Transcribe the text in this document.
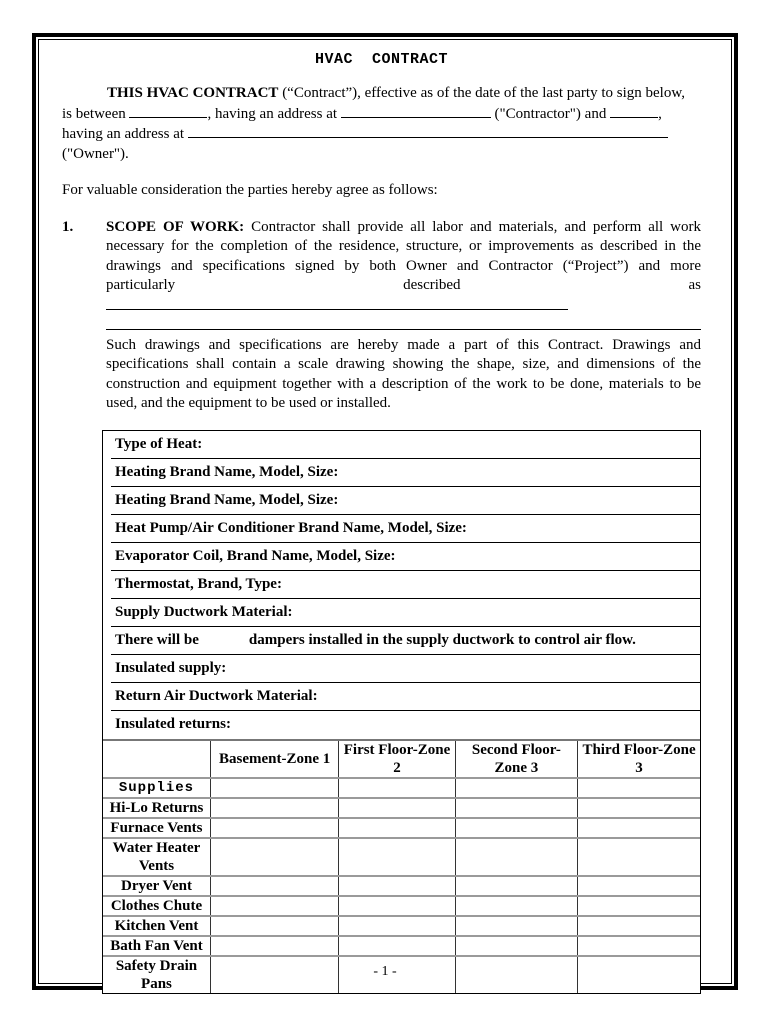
HVAC  CONTRACT
THIS HVAC CONTRACT (“Contract”), effective as of the date of the last party to sign below,
is between	, having an address at	("Contractor") and	,
having an address at
("Owner").
For valuable consideration the parties hereby agree as follows:
1. SCOPE OF WORK: Contractor shall provide all labor and materials, and perform all work necessary for the completion of the residence, structure, or improvements as described in the drawings and specifications signed by both Owner and Contractor (“Project”) and more particularly described as
Such drawings and specifications are hereby made a part of this Contract. Drawings and specifications shall contain a scale drawing showing the shape, size, and dimensions of the construction and equipment together with a description of the work to be done, materials to be used, and the equipment to be used or installed.
Type of Heat:
Heating Brand Name, Model, Size:
Heating Brand Name, Model, Size:
Heat Pump/Air Conditioner Brand Name, Model, Size:
Evaporator Coil, Brand Name, Model, Size:
Thermostat, Brand, Type:
Supply Ductwork Material:
There will be	dampers installed in the supply ductwork to control air flow.
Insulated supply:
Return Air Ductwork Material:
Insulated returns:
	Basement-Zone 1	First Floor-Zone 2	Second Floor-Zone 3	Third Floor-Zone 3
Supplies				
Hi-Lo Returns				
Furnace Vents				
Water Heater Vents				
Dryer Vent				
Clothes Chute				
Kitchen Vent				
Bath Fan Vent				
Safety Drain Pans				
- 1 -
